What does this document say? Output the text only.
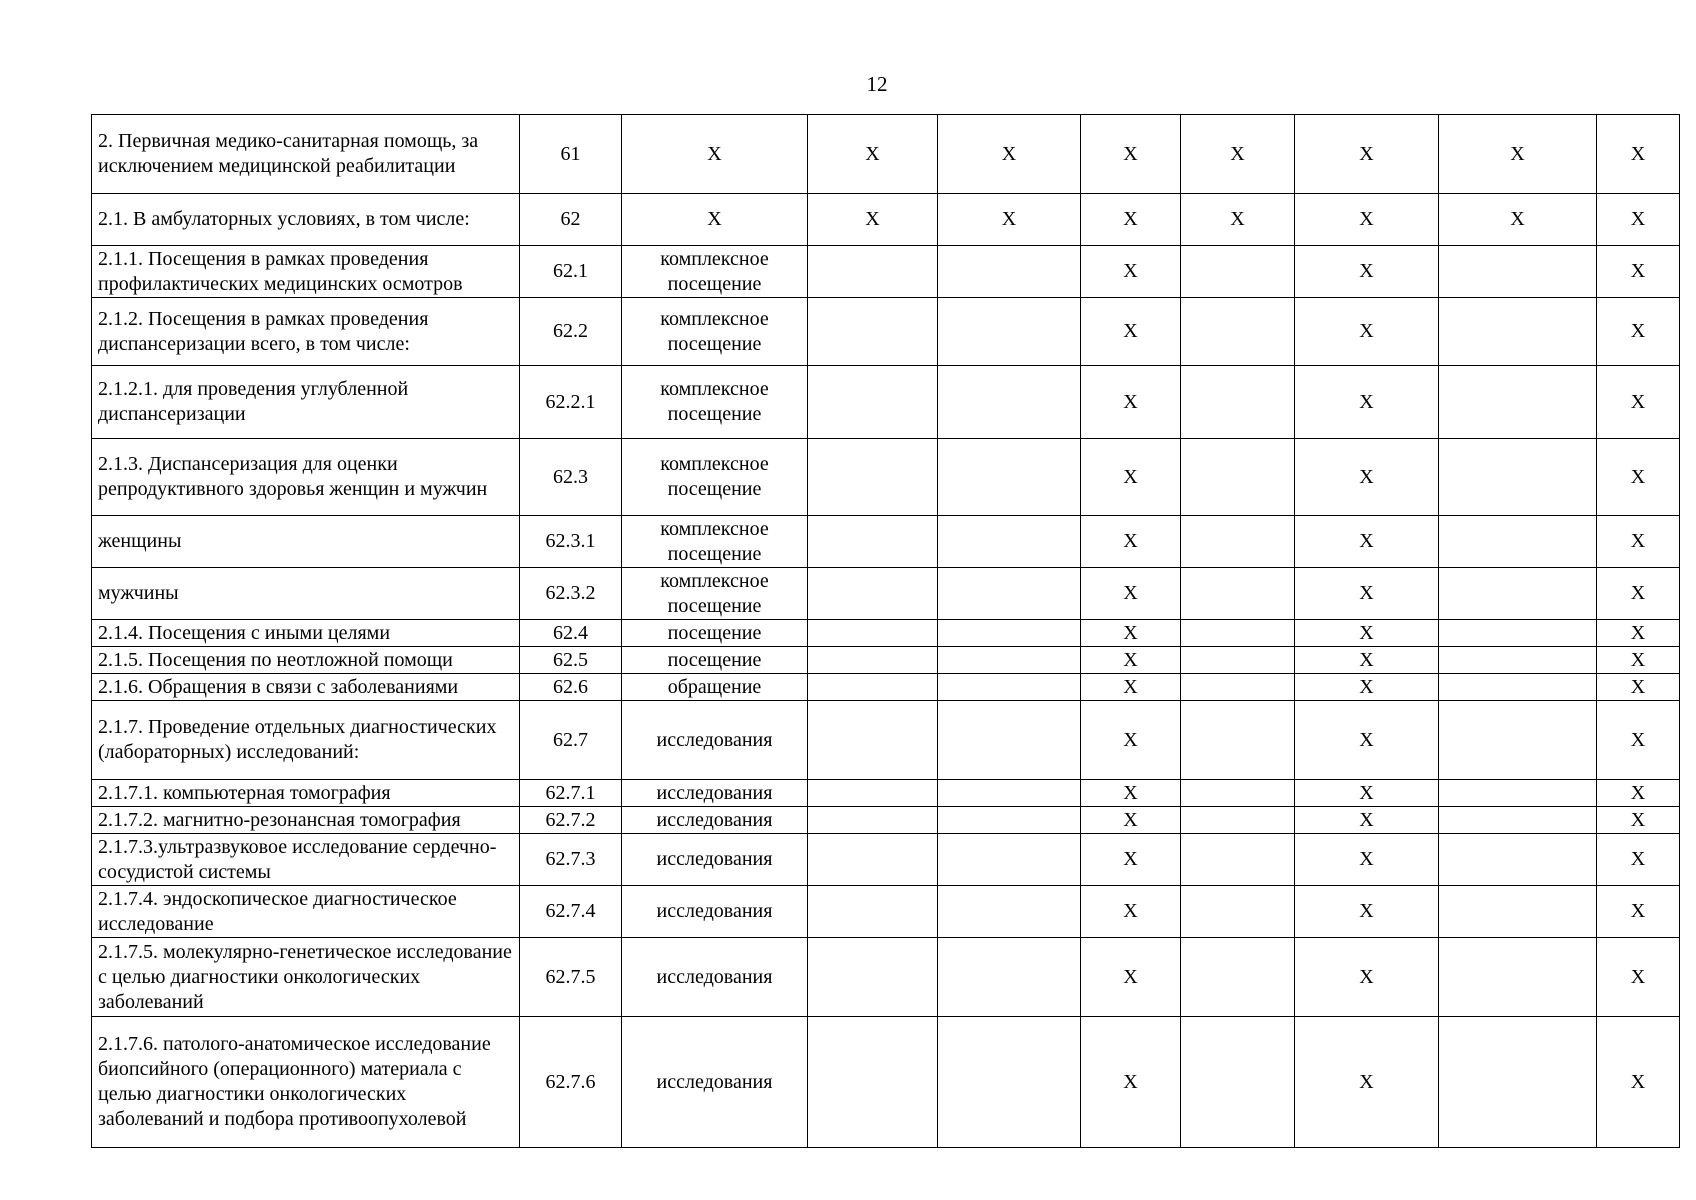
12
2. Первичная медико-санитарная помощь, за исключением медицинской реабилитации	61	X	X	X	X	X	X	X	X
2.1. В амбулаторных условиях, в том числе:	62	X	X	X	X	X	X	X	X
2.1.1. Посещения в рамках проведения профилактических медицинских осмотров	62.1	комплексное посещение			X		X		X
2.1.2. Посещения в рамках проведения диспансеризации всего, в том числе:	62.2	комплексное посещение			X		X		X
2.1.2.1. для проведения углубленной диспансеризации	62.2.1	комплексное посещение			X		X		X
2.1.3. Диспансеризация для оценки репродуктивного здоровья женщин и мужчин	62.3	комплексное посещение			X		X		X
женщины	62.3.1	комплексное посещение			X		X		X
мужчины	62.3.2	комплексное посещение			X		X		X
2.1.4. Посещения с иными целями	62.4	посещение			X		X		X
2.1.5. Посещения по неотложной помощи	62.5	посещение			X		X		X
2.1.6. Обращения в связи с заболеваниями	62.6	обращение			X		X		X
2.1.7. Проведение отдельных диагностических (лабораторных) исследований:	62.7	исследования			X		X		X
2.1.7.1. компьютерная томография	62.7.1	исследования			X		X		X
2.1.7.2. магнитно-резонансная томография	62.7.2	исследования			X		X		X
2.1.7.3.ультразвуковое исследование сердечно-сосудистой системы	62.7.3	исследования			X		X		X
2.1.7.4. эндоскопическое диагностическое исследование	62.7.4	исследования			X		X		X
2.1.7.5. молекулярно-генетическое исследование с целью диагностики онкологических заболеваний	62.7.5	исследования			X		X		X
2.1.7.6. патолого-анатомическое исследование биопсийного (операционного) материала с целью диагностики онкологических заболеваний и подбора противоопухолевой	62.7.6	исследования			X		X		X
